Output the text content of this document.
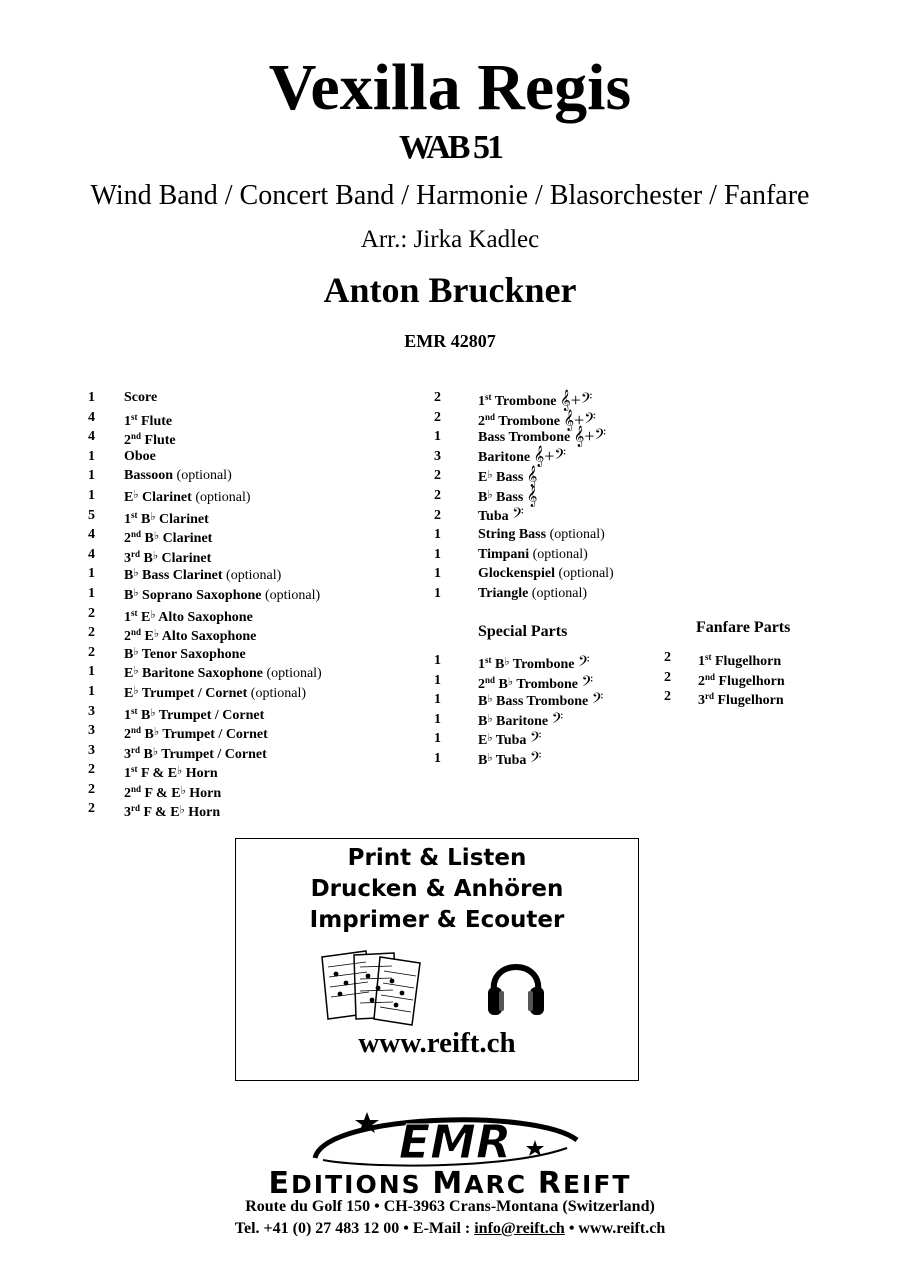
Vexilla Regis
WAB 51
Wind Band / Concert Band / Harmonie / Blasorchester / Fanfare
Arr.: Jirka Kadlec
Anton Bruckner
EMR 42807
1 Score
4 1st Flute
4 2nd Flute
1 Oboe
1 Bassoon (optional)
1 E♭ Clarinet (optional)
5 1st B♭ Clarinet
4 2nd B♭ Clarinet
4 3rd B♭ Clarinet
1 B♭ Bass Clarinet (optional)
1 B♭ Soprano Saxophone (optional)
2 1st E♭ Alto Saxophone
2 2nd E♭ Alto Saxophone
2 B♭ Tenor Saxophone
1 E♭ Baritone Saxophone (optional)
1 E♭ Trumpet / Cornet (optional)
3 1st B♭ Trumpet / Cornet
3 2nd B♭ Trumpet / Cornet
3 3rd B♭ Trumpet / Cornet
2 1st F & E♭ Horn
2 2nd F & E♭ Horn
2 3rd F & E♭ Horn
2	1st Trombone 𝄞+𝄢
2	2nd Trombone 𝄞+𝄢
1	Bass Trombone 𝄞+𝄢
3	Baritone 𝄞+𝄢
2	E♭ Bass 𝄞
2	B♭ Bass 𝄞
2	Tuba 𝄢
1	String Bass (optional)
1	Timpani (optional)
1	Glockenspiel (optional)
1	Triangle (optional)
Special Parts
1	1st B♭ Trombone 𝄢
1	2nd B♭ Trombone 𝄢
1	B♭ Bass Trombone 𝄢
1	B♭ Baritone 𝄢
1	E♭ Tuba 𝄢
1	B♭ Tuba 𝄢
Fanfare Parts
2 1st Flugelhorn
2 2nd Flugelhorn
2 3rd Flugelhorn
Print & Listen
Drucken & Anhören
Imprimer & Ecouter
www.reift.ch
EMR
EDITIONS MARC REIFT
Route du Golf 150 • CH-3963 Crans-Montana (Switzerland)
Tel. +41 (0) 27 483 12 00 • E-Mail : info@reift.ch • www.reift.ch
